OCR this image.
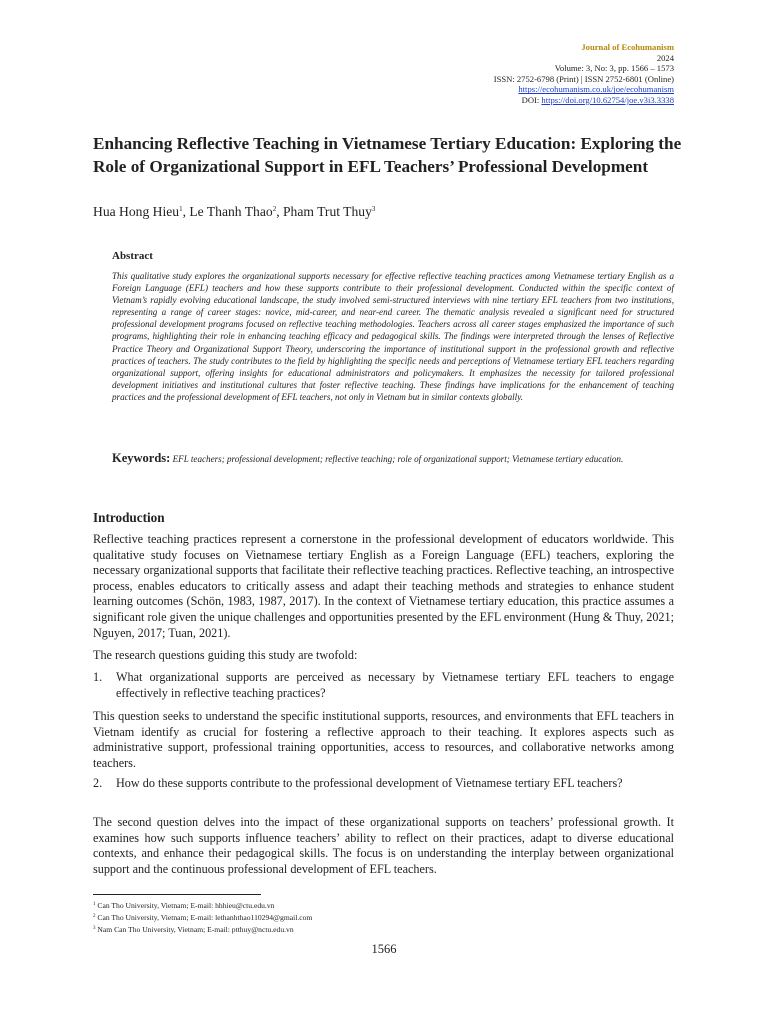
Journal of Ecohumanism
2024
Volume: 3, No: 3, pp. 1566 – 1573
ISSN: 2752-6798 (Print) | ISSN 2752-6801 (Online)
https://ecohumanism.co.uk/joe/ecohumanism
DOI: https://doi.org/10.62754/joe.v3i3.3338
Enhancing Reflective Teaching in Vietnamese Tertiary Education: Exploring the Role of Organizational Support in EFL Teachers’ Professional Development
Hua Hong Hieu$^1$, Le Thanh Thao$^2$, Pham Trut Thuy$^3$
Abstract
This qualitative study explores the organizational supports necessary for effective reflective teaching practices among Vietnamese tertiary English as a Foreign Language (EFL) teachers and how these supports contribute to their professional development. Conducted within the specific context of Vietnam’s rapidly evolving educational landscape, the study involved semi-structured interviews with nine tertiary EFL teachers from two institutions, representing a range of career stages: novice, mid-career, and near-end career. The thematic analysis revealed a significant need for structured professional development programs focused on reflective teaching methodologies. Teachers across all career stages emphasized the importance of such programs, highlighting their role in enhancing teaching efficacy and pedagogical skills. The findings were interpreted through the lenses of Reflective Practice Theory and Organizational Support Theory, underscoring the importance of institutional support in the professional growth and reflective practices of teachers. The study contributes to the field by highlighting the specific needs and perceptions of Vietnamese tertiary EFL teachers regarding organizational support, offering insights for educational administrators and policymakers. It emphasizes the necessity for tailored professional development initiatives and institutional cultures that foster reflective teaching. These findings have implications for the enhancement of teaching practices and the professional development of EFL teachers, not only in Vietnam but in similar contexts globally.
Keywords: EFL teachers; professional development; reflective teaching; role of organizational support; Vietnamese tertiary education.
Introduction
Reflective teaching practices represent a cornerstone in the professional development of educators worldwide. This qualitative study focuses on Vietnamese tertiary English as a Foreign Language (EFL) teachers, exploring the necessary organizational supports that facilitate their reflective teaching practices. Reflective teaching, an introspective process, enables educators to critically assess and adapt their teaching methods and strategies to enhance student learning outcomes (Schön, 1983, 1987, 2017). In the context of Vietnamese tertiary education, this practice assumes a significant role given the unique challenges and opportunities presented by the EFL environment (Hung & Thuy, 2021; Nguyen, 2017; Tuan, 2021).
The research questions guiding this study are twofold:
1. What organizational supports are perceived as necessary by Vietnamese tertiary EFL teachers to engage effectively in reflective teaching practices?
This question seeks to understand the specific institutional supports, resources, and environments that EFL teachers in Vietnam identify as crucial for fostering a reflective approach to their teaching. It explores aspects such as administrative support, professional training opportunities, access to resources, and collaborative networks among teachers.
2. How do these supports contribute to the professional development of Vietnamese tertiary EFL teachers?
The second question delves into the impact of these organizational supports on teachers’ professional growth. It examines how such supports influence teachers’ ability to reflect on their practices, adapt to diverse educational contexts, and enhance their pedagogical skills. The focus is on understanding the interplay between organizational support and the continuous professional development of EFL teachers.
$^1$ Can Tho University, Vietnam; E-mail: hhhieu@ctu.edu.vn
$^2$ Can Tho University, Vietnam; E-mail: lethanhthao110294@gmail.com
$^3$ Nam Can Tho University, Vietnam; E-mail: ptthuy@nctu.edu.vn
1566
